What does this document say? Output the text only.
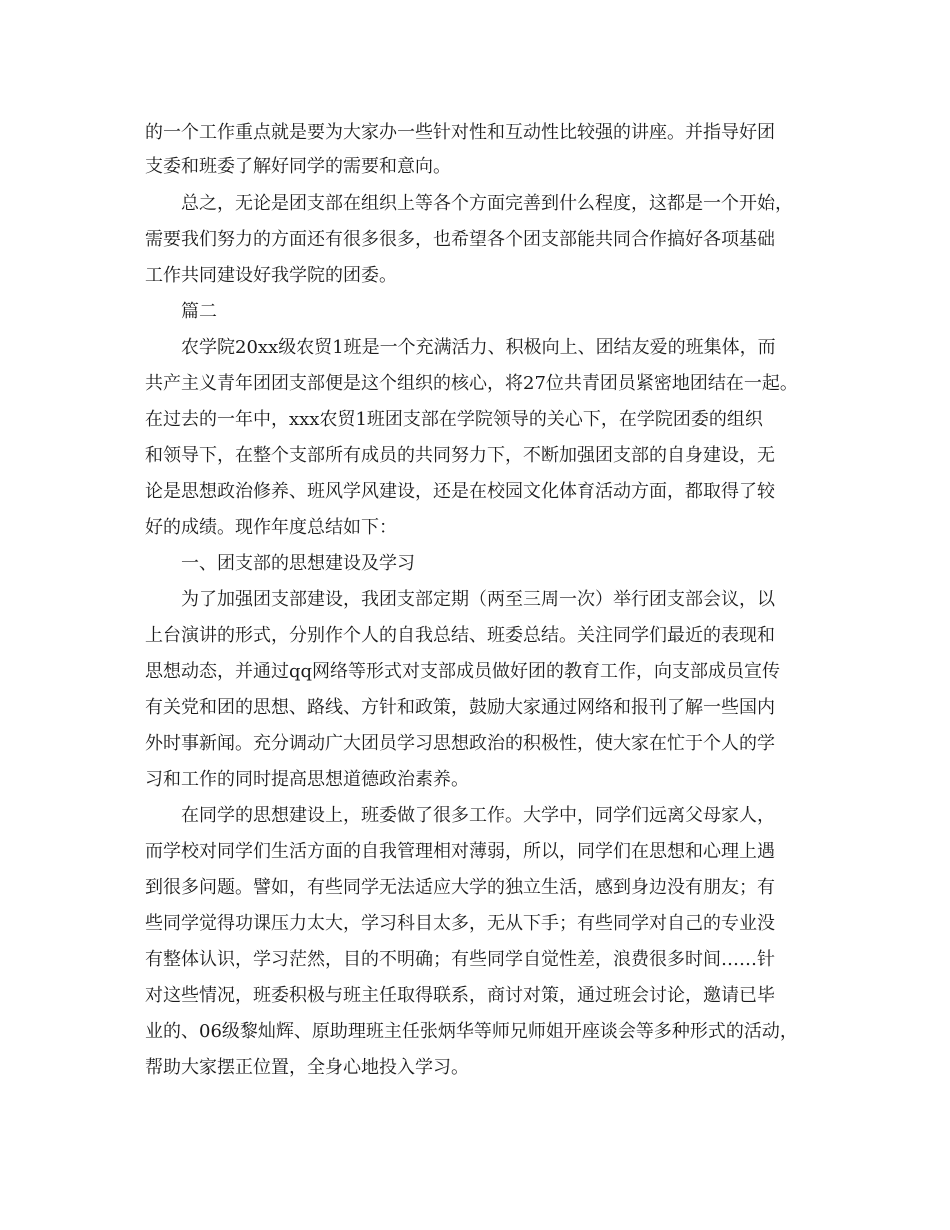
的一个工作重点就是要为大家办一些针对性和互动性比较强的讲座。并指导好团
支委和班委了解好同学的需要和意向。
总之，无论是团支部在组织上等各个方面完善到什么程度，这都是一个开始，
需要我们努力的方面还有很多很多，也希望各个团支部能共同合作搞好各项基础
工作共同建设好我学院的团委。
篇二
农学院20xx级农贸1班是一个充满活力、积极向上、团结友爱的班集体，而
共产主义青年团团支部便是这个组织的核心，将27位共青团员紧密地团结在一起。
在过去的一年中，xxx农贸1班团支部在学院领导的关心下，在学院团委的组织
和领导下，在整个支部所有成员的共同努力下，不断加强团支部的自身建设，无
论是思想政治修养、班风学风建设，还是在校园文化体育活动方面，都取得了较
好的成绩。现作年度总结如下：
一、团支部的思想建设及学习
为了加强团支部建设，我团支部定期（两至三周一次）举行团支部会议，以
上台演讲的形式，分别作个人的自我总结、班委总结。关注同学们最近的表现和
思想动态，并通过qq网络等形式对支部成员做好团的教育工作，向支部成员宣传
有关党和团的思想、路线、方针和政策，鼓励大家通过网络和报刊了解一些国内
外时事新闻。充分调动广大团员学习思想政治的积极性，使大家在忙于个人的学
习和工作的同时提高思想道德政治素养。
在同学的思想建设上，班委做了很多工作。大学中，同学们远离父母家人，
而学校对同学们生活方面的自我管理相对薄弱，所以，同学们在思想和心理上遇
到很多问题。譬如，有些同学无法适应大学的独立生活，感到身边没有朋友；有
些同学觉得功课压力太大，学习科目太多，无从下手；有些同学对自己的专业没
有整体认识，学习茫然，目的不明确；有些同学自觉性差，浪费很多时间……针
对这些情况，班委积极与班主任取得联系，商讨对策，通过班会讨论，邀请已毕
业的、06级黎灿辉、原助理班主任张炳华等师兄师姐开座谈会等多种形式的活动，
帮助大家摆正位置，全身心地投入学习。
